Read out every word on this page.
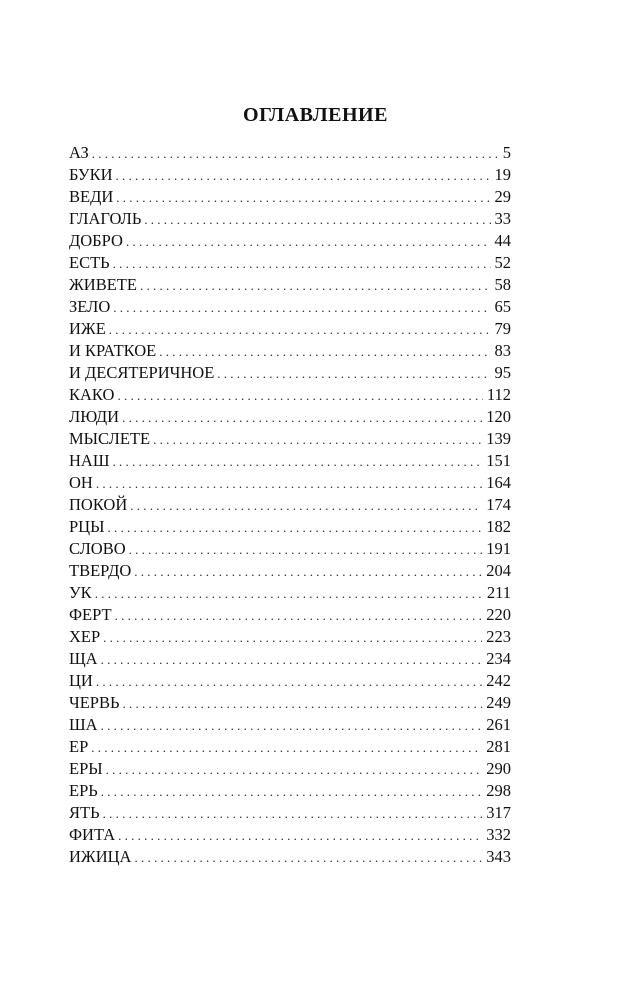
ОГЛАВЛЕНИЕ
АЗ . . .	5
БУКИ . . .	19
ВЕДИ . . .	29
ГЛАГОЛЬ . . .	33
ДОБРО . . .	44
ЕСТЬ . . .	52
ЖИВЕТЕ . . .	58
ЗЕЛО . . .	65
ИЖЕ . . .	79
И КРАТКОЕ . . .	83
И ДЕСЯТЕРИЧНОЕ . . .	95
КАКО . . .	112
ЛЮДИ . . .	120
МЫСЛЕТЕ . . .	139
НАШ . . .	151
ОН . . .	164
ПОКОЙ . . .	174
РЦЫ . . .	182
СЛОВО . . .	191
ТВЕРДО . . .	204
УК . . .	211
ФЕРТ . . .	220
ХЕР . . .	223
ЩА . . .	234
ЦИ . . .	242
ЧЕРВЬ . . .	249
ША . . .	261
ЕР . . .	281
ЕРЫ . . .	290
ЕРЬ . . .	298
ЯТЬ . . .	317
ФИТА . . .	332
ИЖИЦА . . .	343
